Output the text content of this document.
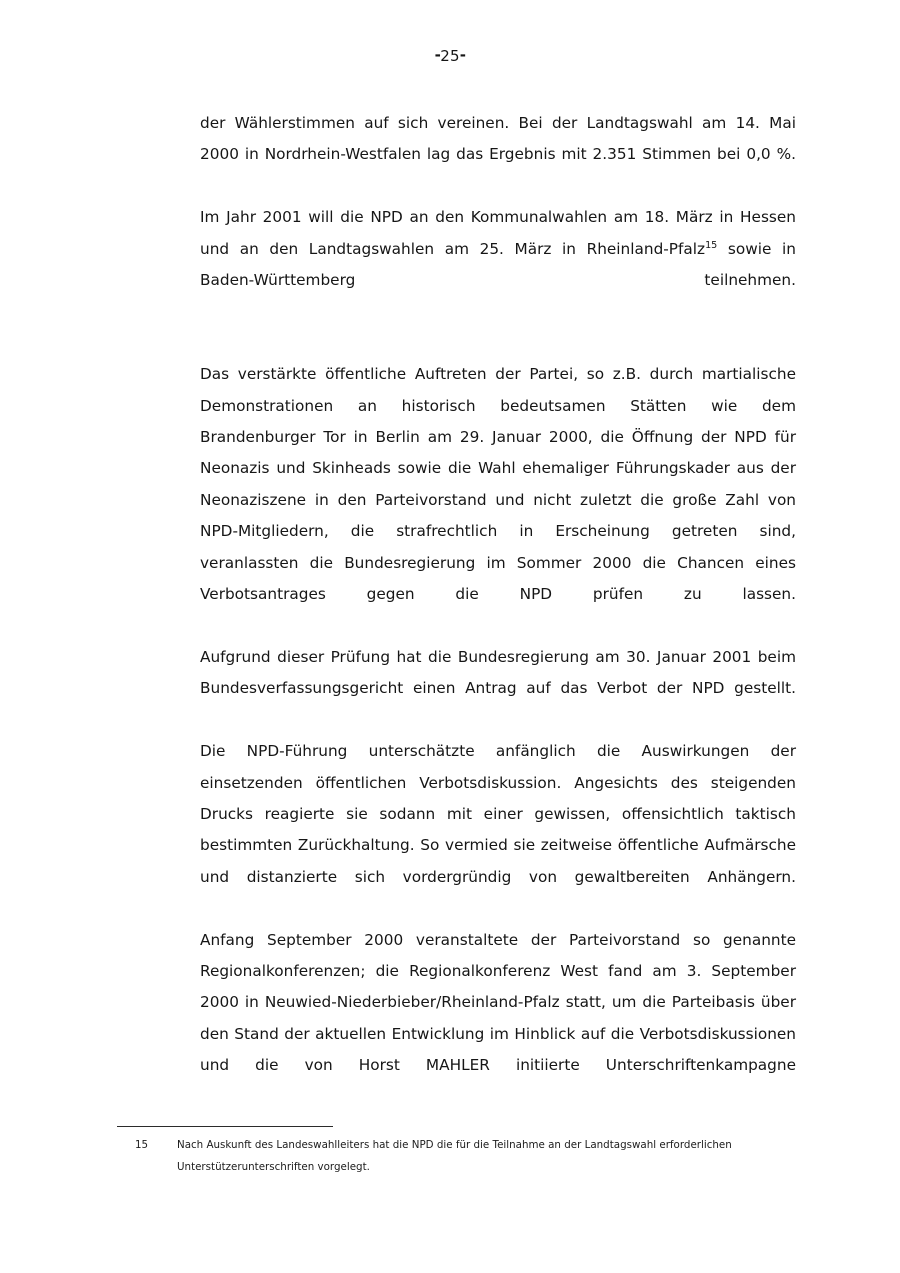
-25-

der Wählerstimmen auf sich vereinen. Bei der Landtagswahl am 14. Mai 2000 in Nordrhein-Westfalen lag das Ergebnis mit 2.351 Stimmen bei 0,0 %.

Im Jahr 2001 will die NPD an den Kommunalwahlen am 18. März in Hessen und an den Landtagswahlen am 25. März in Rheinland-Pfalz$^{15}$ sowie in Baden-Württemberg teilnehmen.

Das verstärkte öffentliche Auftreten der Partei, so z.B. durch martialische Demonstrationen an historisch bedeutsamen Stätten wie dem Brandenburger Tor in Berlin am 29. Januar 2000, die Öffnung der NPD für Neonazis und Skinheads sowie die Wahl ehemaliger Führungskader aus der Neonaziszene in den Parteivorstand und nicht zuletzt die große Zahl von NPD-Mitgliedern, die strafrechtlich in Erscheinung getreten sind, veranlassten die Bundesregierung im Sommer 2000 die Chancen eines Verbotsantrages gegen die NPD prüfen zu lassen.

Aufgrund dieser Prüfung hat die Bundesregierung am 30. Januar 2001 beim Bundesverfassungsgericht einen Antrag auf das Verbot der NPD gestellt.

Die NPD-Führung unterschätzte anfänglich die Auswirkungen der einsetzenden öffentlichen Verbotsdiskussion. Angesichts des steigenden Drucks reagierte sie sodann mit einer gewissen, offensichtlich taktisch bestimmten Zurückhaltung. So vermied sie zeitweise öffentliche Aufmärsche und distanzierte sich vordergründig von gewaltbereiten Anhängern.

Anfang September 2000 veranstaltete der Parteivorstand so genannte Regionalkonferenzen; die Regionalkonferenz West fand am 3. September 2000 in Neuwied-Niederbieber/Rheinland-Pfalz statt, um die Parteibasis über den Stand der aktuellen Entwicklung im Hinblick auf die Verbotsdiskussionen und die von Horst MAHLER initiierte Unterschriftenkampagne

15	Nach Auskunft des Landeswahlleiters hat die NPD die für die Teilnahme an der Landtagswahl erforderlichen Unterstützerunterschriften vorgelegt.
